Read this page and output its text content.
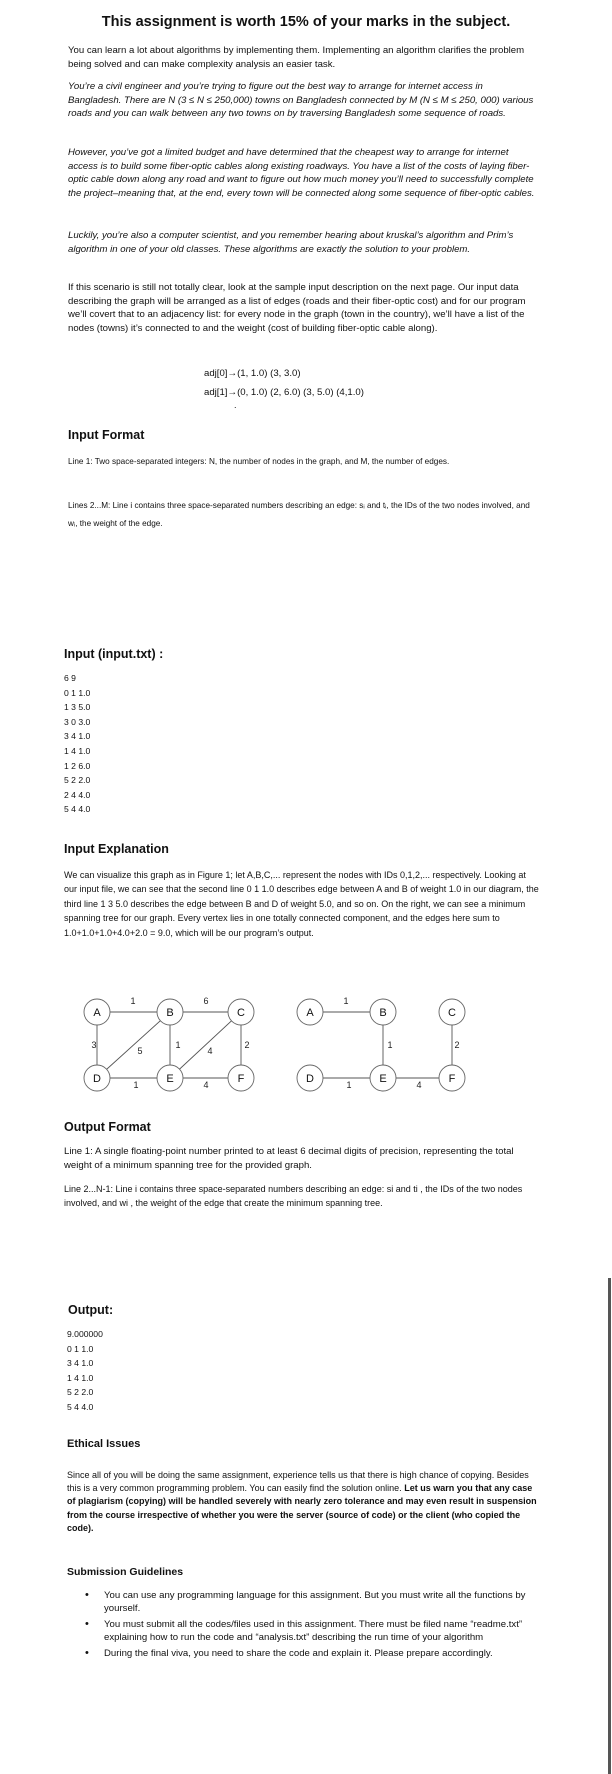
This assignment is worth 15% of your marks in the subject.

You can learn a lot about algorithms by implementing them. Implementing an algorithm clarifies the problem being solved and can make complexity analysis an easier task.

You’re a civil engineer and you’re trying to figure out the best way to arrange for internet access in Bangladesh. There are N (3 ≤ N ≤ 250,000) towns on Bangladesh connected by M (N ≤ M ≤ 250, 000) various roads and you can walk between any two towns on by traversing Bangladesh some sequence of roads.

However, you’ve got a limited budget and have determined that the cheapest way to arrange for internet access is to build some fiber-optic cables along existing roadways. You have a list of the costs of laying fiber-optic cable down along any road and want to figure out how much money you’ll need to successfully complete the project–meaning that, at the end, every town will be connected along some sequence of fiber-optic cables.

Luckily, you’re also a computer scientist, and you remember hearing about kruskal’s algorithm and Prim’s algorithm in one of your old classes. These algorithms are exactly the solution to your problem.

If this scenario is still not totally clear, look at the sample input description on the next page. Our input data describing the graph will be arranged as a list of edges (roads and their fiber-optic cost) and for our program we’ll covert that to an adjacency list: for every node in the graph (town in the country), we’ll have a list of the nodes (towns) it’s connected to and the weight (cost of building fiber-optic cable along).

adj[0]→(1, 1.0) (3, 3.0)
adj[1]→(0, 1.0) (2, 6.0) (3, 5.0) (4,1.0)
.
Input Format

Line 1: Two space-separated integers: N, the number of nodes in the graph, and M, the number of edges.

Lines 2...M: Line i contains three space-separated numbers describing an edge: sᵢ and tᵢ, the IDs of the two nodes involved, and wᵢ, the weight of the edge.

Input (input.txt) :
6 9
0 1 1.0
1 3 5.0
3 0 3.0
3 4 1.0
1 4 1.0
1 2 6.0
5 2 2.0
2 4 4.0
5 4 4.0
Input Explanation

We can visualize this graph as in Figure 1; let A,B,C,... represent the nodes with IDs 0,1,2,... respectively. Looking at our input file, we can see that the second line 0 1 1.0 describes edge between A and B of weight 1.0 in our diagram, the third line 1 3 5.0 describes the edge between B and D of weight 5.0, and so on. On the right, we can see a minimum spanning tree for our graph. Every vertex lies in one totally connected component, and the edges here sum to 1.0+1.0+1.0+4.0+2.0 = 9.0, which will be our program’s output.

1	6
3
5
1
4
2
1	4
A	B	C
D	E	F
1
1	2
1	4
A	B	C
D	E	F
Output Format

Line 1: A single floating-point number printed to at least 6 decimal digits of precision, representing the total weight of a minimum spanning tree for the provided graph.

Line 2...N-1: Line i contains three space-separated numbers describing an edge: si and ti , the IDs of the two nodes involved, and wi , the weight of the edge that create the minimum spanning tree.

Output:
9.000000
0 1 1.0
3 4 1.0
1 4 1.0
5 2 2.0
5 4 4.0
Ethical Issues

Since all of you will be doing the same assignment, experience tells us that there is high chance of copying. Besides this is a very common programming problem. You can easily find the solution online. Let us warn you that any case of plagiarism (copying) will be handled severely with nearly zero tolerance and may even result in suspension from the course irrespective of whether you were the server (source of code) or the client (who copied the code).

Submission Guidelines
• You can use any programming language for this assignment. But you must write all the functions by yourself.
• You must submit all the codes/files used in this assignment. There must be filed name “readme.txt” explaining how to run the code and “analysis.txt” describing the run time of your algorithm
• During the final viva, you need to share the code and explain it. Please prepare accordingly.
